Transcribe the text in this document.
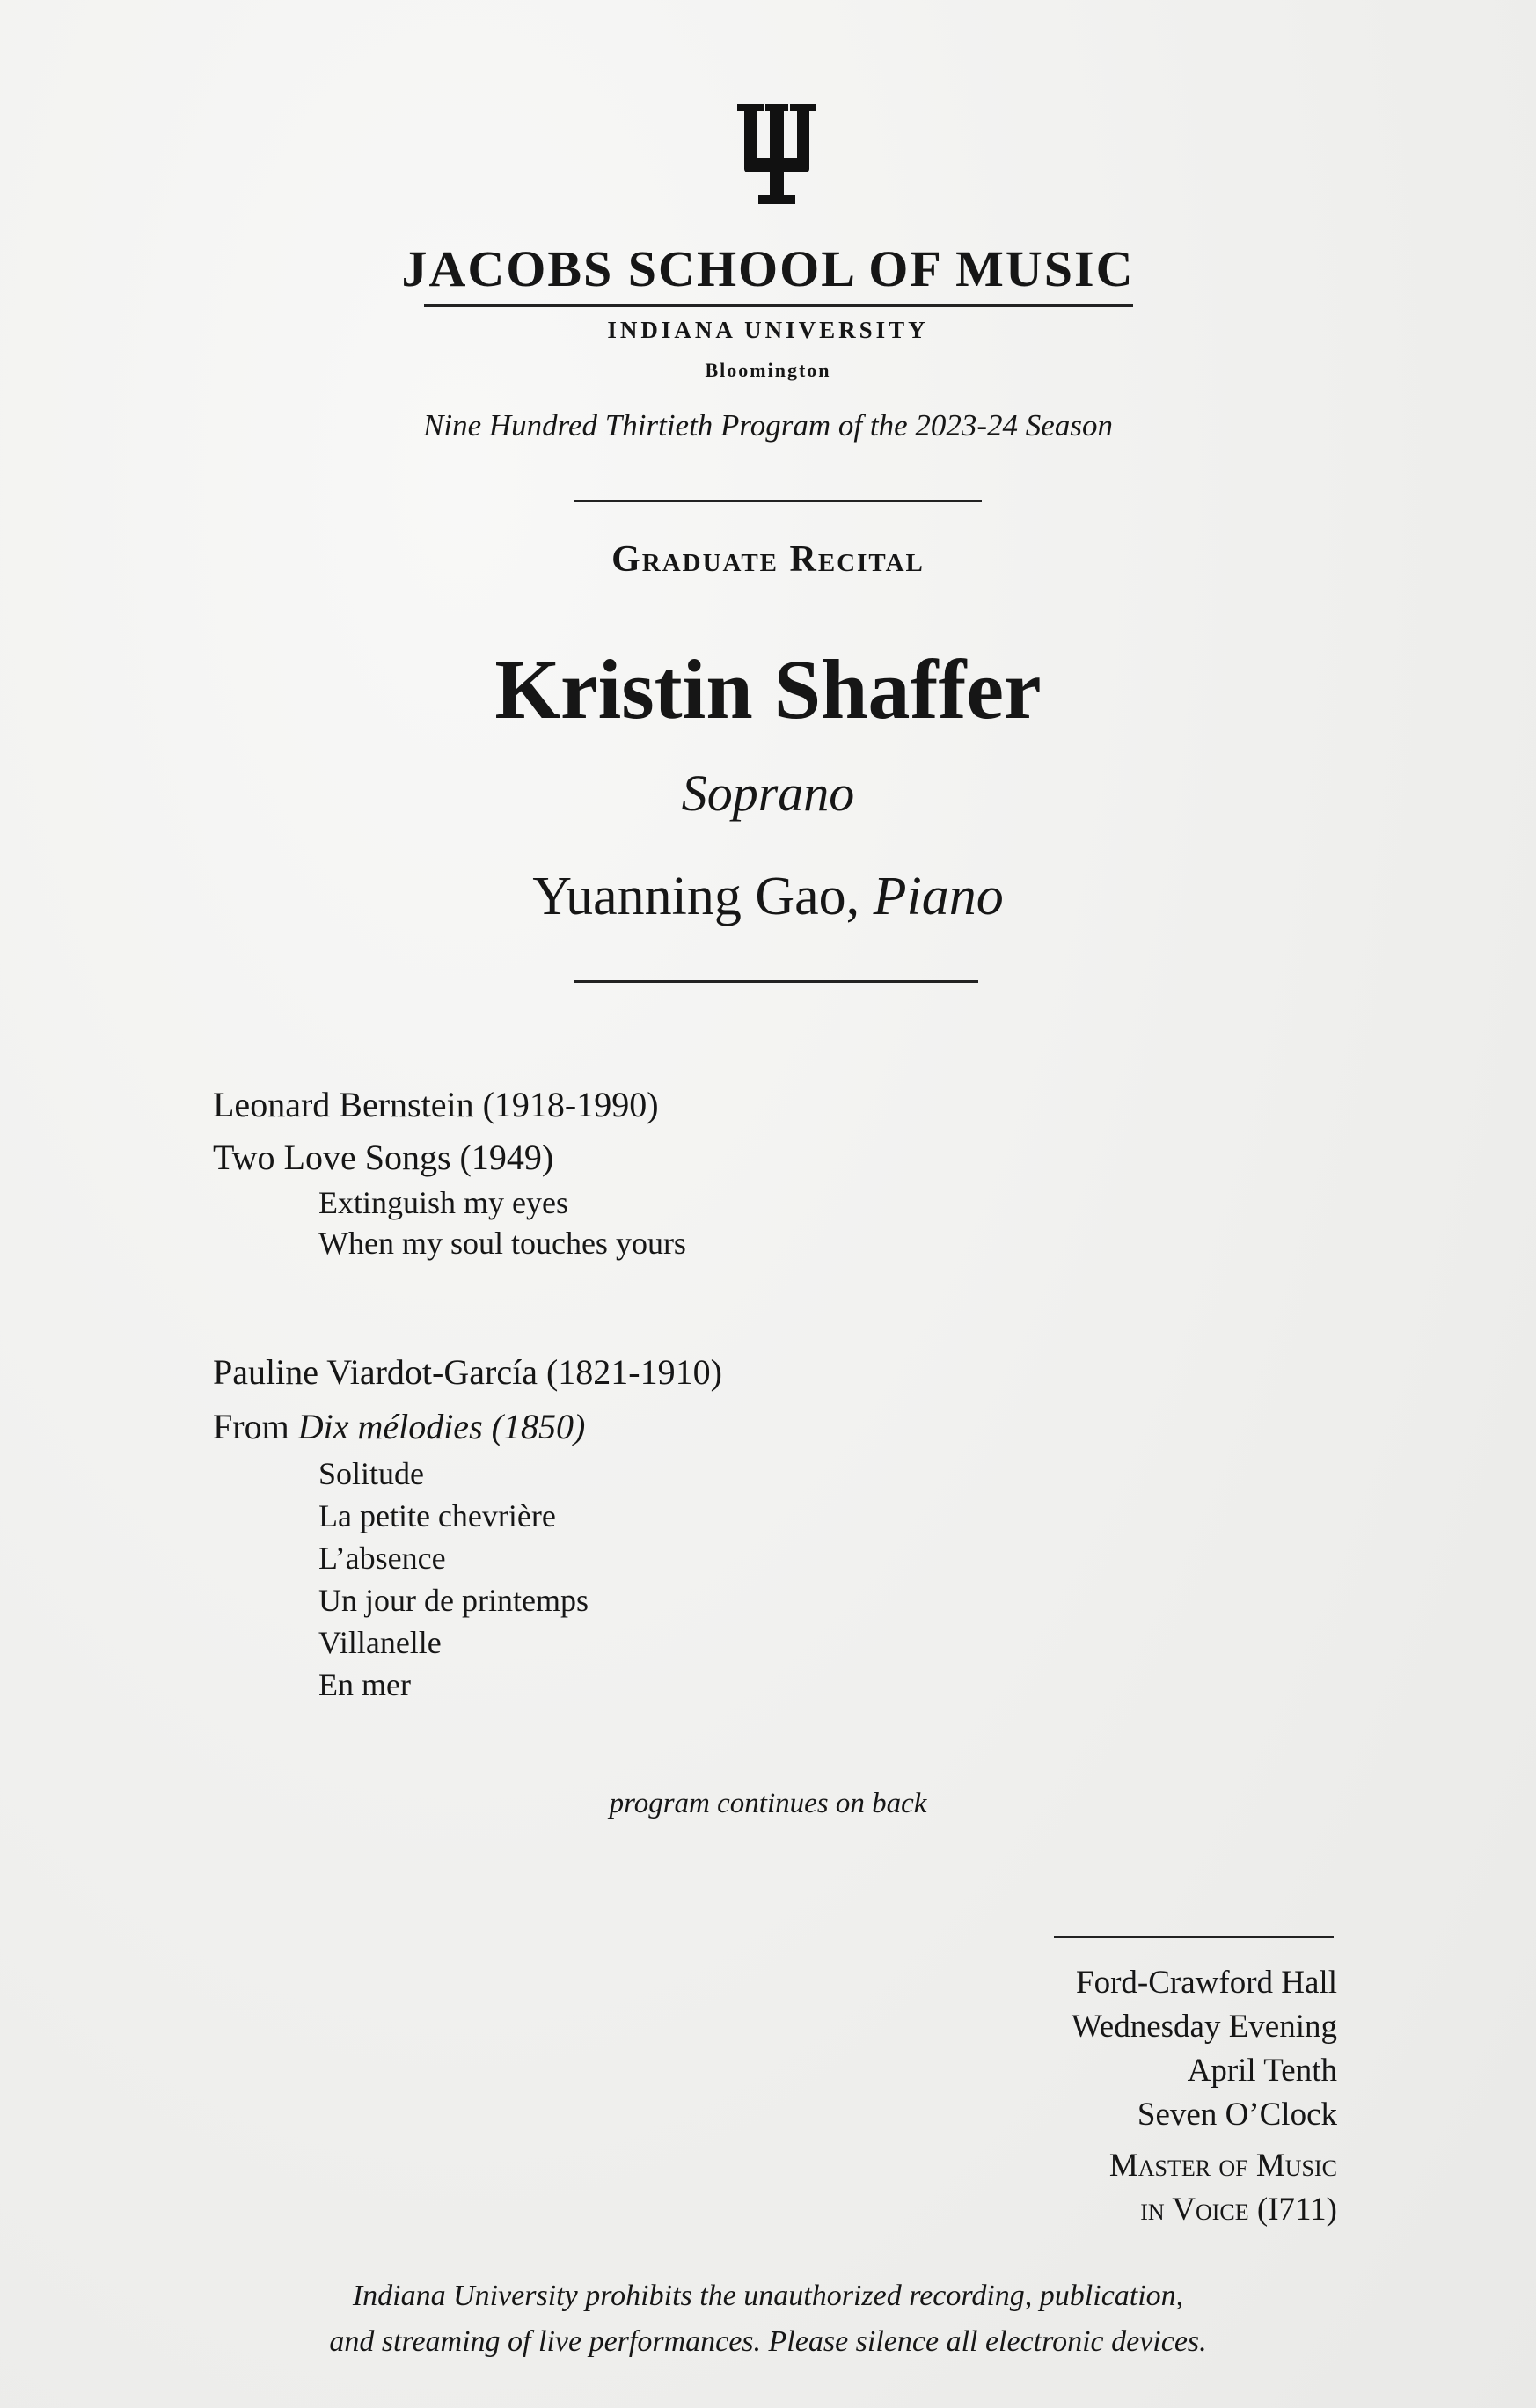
JACOBS SCHOOL OF MUSIC
INDIANA UNIVERSITY
Bloomington
Nine Hundred Thirtieth Program of the 2023-24 Season
Graduate Recital
Kristin Shaffer
Soprano
Yuanning Gao, Piano
Leonard Bernstein (1918-1990)
Two Love Songs (1949)
Extinguish my eyes
When my soul touches yours
Pauline Viardot-García (1821-1910)
From Dix mélodies (1850)
Solitude
La petite chevrière
L’absence
Un jour de printemps
Villanelle
En mer
program continues on back
Ford-Crawford Hall
Wednesday Evening
April Tenth
Seven O’Clock
Master of Music
in Voice (I711)
Indiana University prohibits the unauthorized recording, publication,
and streaming of live performances. Please silence all electronic devices.
